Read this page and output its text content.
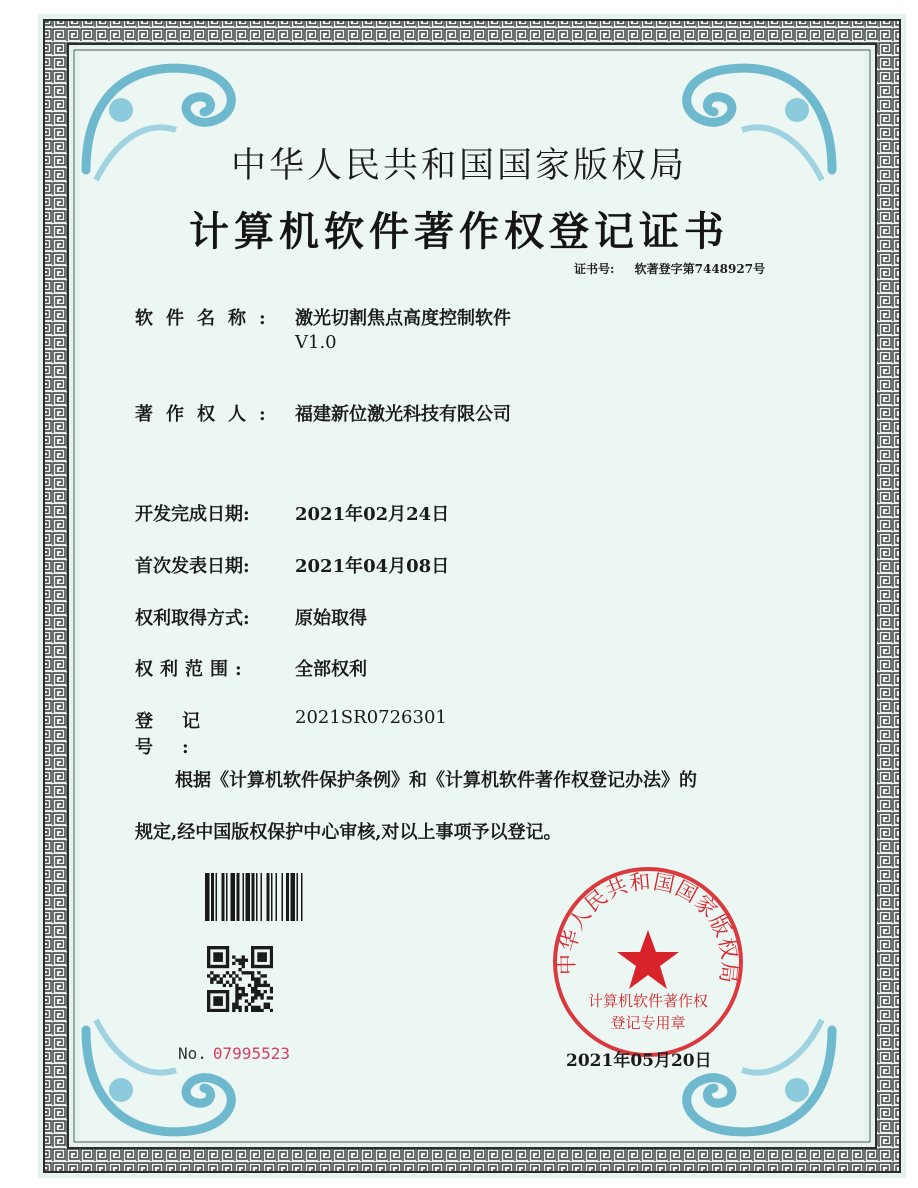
中华人民共和国国家版权局
计算机软件著作权登记证书
证书号: 软著登字第7448927号
软件名称: 激光切割焦点高度控制软件
V1.0
著作权人: 福建新位激光科技有限公司
开发完成日期:	2021年02月24日
首次发表日期:	2021年04月08日
权利取得方式:	原始取得
权利范围:	全部权利
登记号:2021SR0726301
根据《计算机软件保护条例》和《计算机软件著作权登记办法》的
规定,经中国版权保护中心审核,对以上事项予以登记。
No. 07995523
中华人民共和国国家版权局
计算机软件著作权
登记专用章
2021年05月20日
